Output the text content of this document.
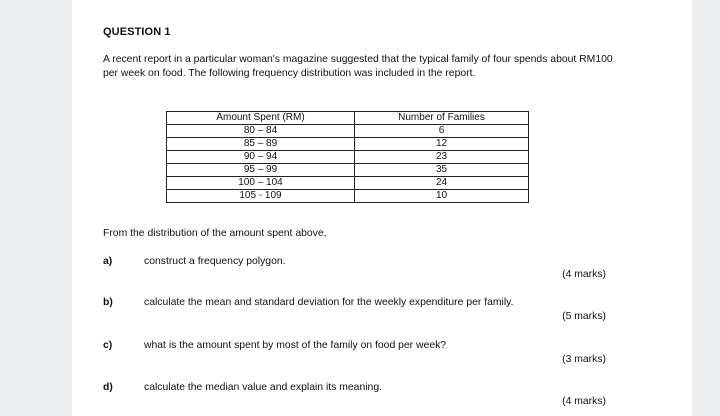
QUESTION 1
A recent report in a particular woman's magazine suggested that the typical family of four spends about RM100 per week on food. The following frequency distribution was included in the report.
Amount Spent (RM)	Number of Families
80 – 84	6
85 – 89	12
90 – 94	23
95 – 99	35
100 – 104	24
105 - 109	10
From the distribution of the amount spent above,
a)	construct a frequency polygon.
(4 marks)
b)	calculate the mean and standard deviation for the weekly expenditure per family.
(5 marks)
c)	what is the amount spent by most of the family on food per week?
(3 marks)
d)	calculate the median value and explain its meaning.
(4 marks)
